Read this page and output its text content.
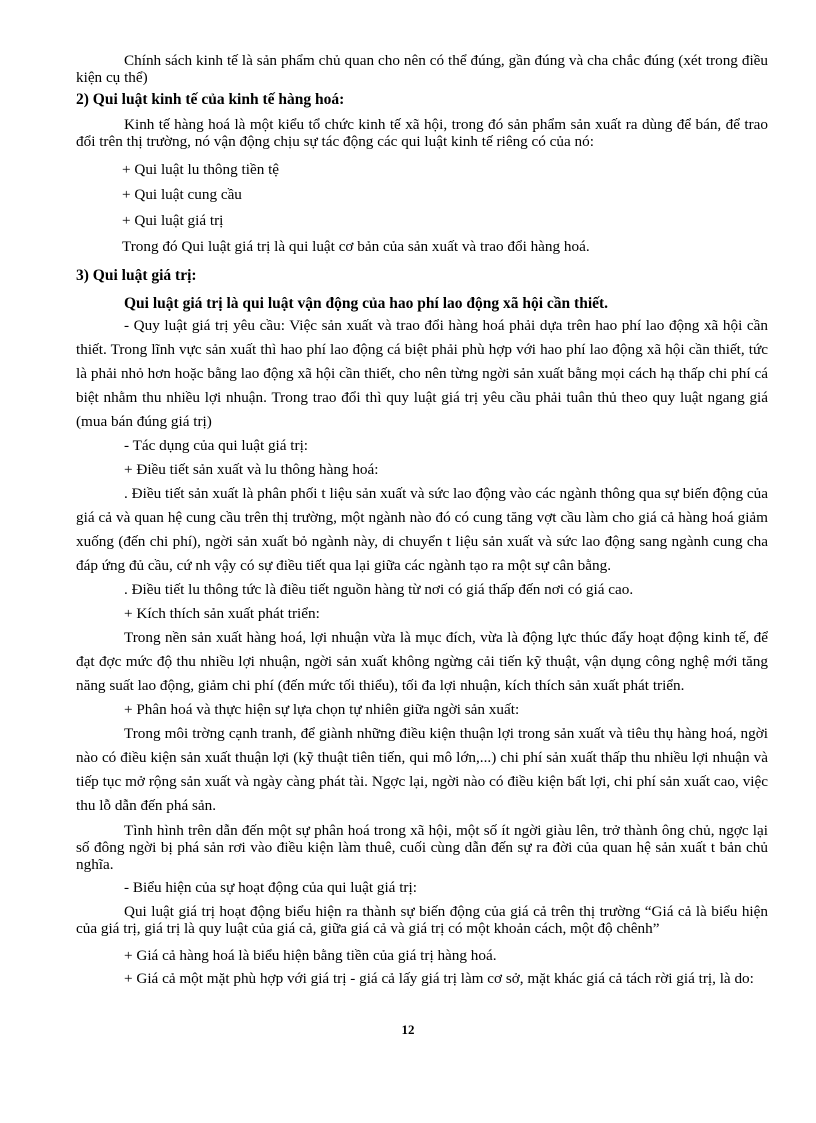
Chính sách kinh tế là sản phẩm chủ quan cho nên có thể đúng, gần đúng và cha chắc đúng (xét trong điều kiện cụ thể)

2) Qui luật kinh tế của kinh tế hàng hoá:

Kinh tế hàng hoá là một kiểu tổ chức kinh tế xã hội, trong đó sản phẩm sản xuất ra dùng để bán, để trao đổi trên thị trường, nó vận động chịu sự tác động các qui luật kinh tế riêng có của nó:

+ Qui luật lu thông tiền tệ

+ Qui luật cung cầu

+ Qui luật giá trị

Trong đó Qui luật giá trị là qui luật cơ bản của sản xuất và trao đổi hàng hoá.

3) Qui luật giá trị:

Qui luật giá trị là qui luật vận động của hao phí lao động xã hội cần thiết.

- Quy luật giá trị yêu cầu: Việc sản xuất và trao đổi hàng hoá phải dựa trên hao phí lao động xã hội cần thiết. Trong lĩnh vực sản xuất thì hao phí lao động cá biệt phải phù hợp với hao phí lao động xã hội cần thiết, tức là phải nhỏ hơn hoặc bằng lao động xã hội cần thiết, cho nên từng ngời sản xuất bằng mọi cách hạ thấp chi phí cá biệt nhằm thu nhiều lợi nhuận. Trong trao đổi thì quy luật giá trị yêu cầu phải tuân thủ theo quy luật ngang giá (mua bán đúng giá trị)

- Tác dụng của qui luật giá trị:

+ Điều tiết sản xuất và lu thông hàng hoá:

. Điều tiết sản xuất là phân phối t liệu sản xuất và sức lao động vào các ngành thông qua sự biến động của giá cả và quan hệ cung cầu trên thị trường, một ngành nào đó có cung tăng vợt cầu làm cho giá cả hàng hoá giảm xuống (đến chi phí), ngời sản xuất bỏ ngành này, di chuyển t liệu sản xuất và sức lao động sang ngành cung cha đáp ứng đủ cầu, cứ nh vậy có sự điều tiết qua lại giữa các ngành tạo ra một sự cân bằng.

. Điều tiết lu thông tức là điều tiết nguồn hàng từ nơi có giá thấp đến nơi có giá cao.

+ Kích thích sản xuất phát triển:

Trong nền sản xuất hàng hoá, lợi nhuận vừa là mục đích, vừa là động lực thúc đẩy hoạt động kinh tế, để đạt đợc mức độ thu nhiều lợi nhuận, ngời sản xuất không ngừng cải tiến kỹ thuật, vận dụng công nghệ mới tăng năng suất lao động, giảm chi phí (đến mức tối thiểu), tối đa lợi nhuận, kích thích sản xuất phát triển.

+ Phân hoá và thực hiện sự lựa chọn tự nhiên giữa ngời sản xuất:

Trong môi trờng cạnh tranh, để giành những điều kiện thuận lợi trong sản xuất và tiêu thụ hàng hoá, ngời nào có điều kiện sản xuất thuận lợi (kỹ thuật tiên tiến, qui mô lớn,...) chi phí sản xuất thấp thu nhiều lợi nhuận và tiếp tục mở rộng sản xuất và ngày càng phát tài. Ngợc lại, ngời nào có điều kiện bất lợi, chi phí sản xuất cao, việc thu lỗ dẫn đến phá sản.

Tình hình trên dẫn đến một sự phân hoá trong xã hội, một số ít ngời giàu lên, trở thành ông chủ, ngợc lại số đông ngời bị phá sản rơi vào điều kiện làm thuê, cuối cùng dẫn đến sự ra đời của quan hệ sản xuất t bản chủ nghĩa.

- Biểu hiện của sự hoạt động của qui luật giá trị:

Qui luật giá trị hoạt động biểu hiện ra thành sự biến động của giá cả trên thị trường “Giá cả là biểu hiện của giá trị, giá trị là quy luật của giá cả, giữa giá cả và giá trị có một khoản cách, một độ chênh”

+ Giá cả hàng hoá là biểu hiện bằng tiền của giá trị hàng hoá.

+ Giá cả một mặt phù hợp với giá trị - giá cả lấy giá trị làm cơ sở, mặt khác giá cả tách rời giá trị, là do:

12
